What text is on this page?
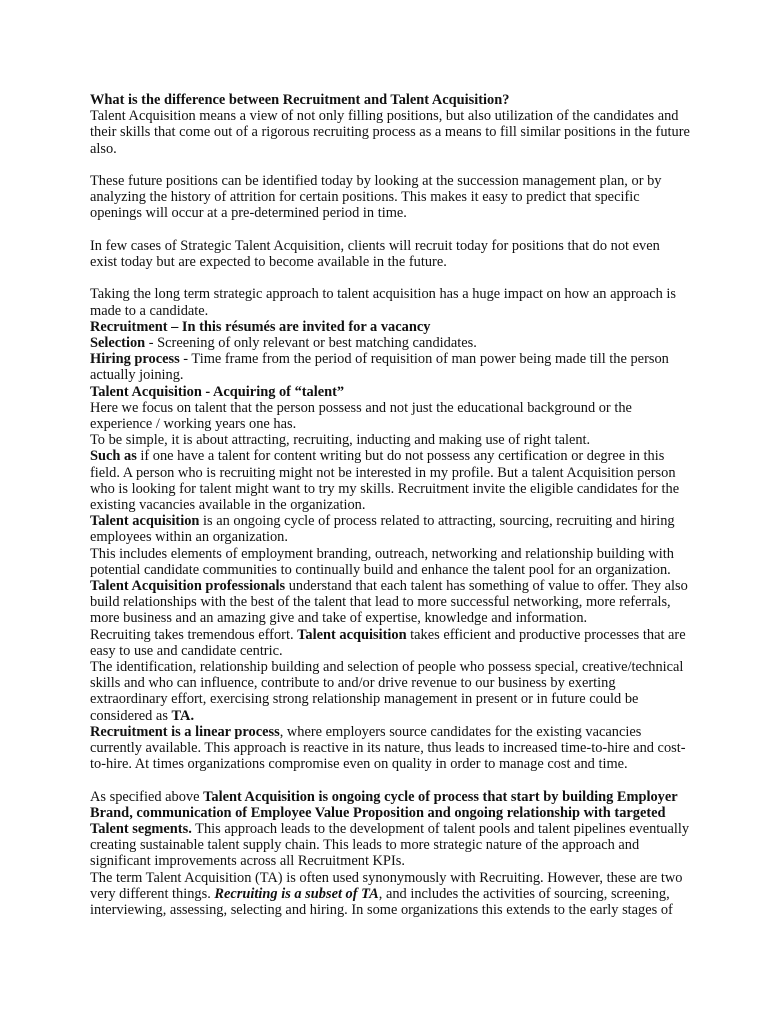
What is the difference between Recruitment and Talent Acquisition?

Talent Acquisition means a view of not only filling positions, but also utilization of the candidates and their skills that come out of a rigorous recruiting process as a means to fill similar positions in the future also.

These future positions can be identified today by looking at the succession management plan, or by analyzing the history of attrition for certain positions. This makes it easy to predict that specific openings will occur at a pre-determined period in time.

In few cases of Strategic Talent Acquisition, clients will recruit today for positions that do not even exist today but are expected to become available in the future.

Taking the long term strategic approach to talent acquisition has a huge impact on how an approach is made to a candidate.

Recruitment – In this résumés are invited for a vacancy

Selection - Screening of only relevant or best matching candidates.

Hiring process - Time frame from the period of requisition of man power being made till the person actually joining.

Talent Acquisition - Acquiring of “talent”

Here we focus on talent that the person possess and not just the educational background or the experience / working years one has.

To be simple, it is about attracting, recruiting, inducting and making use of right talent.

Such as if one have a talent for content writing but do not possess any certification or degree in this field. A person who is recruiting might not be interested in my profile. But a talent Acquisition person who is looking for talent might want to try my skills. Recruitment invite the eligible candidates for the existing vacancies available in the organization.

Talent acquisition is an ongoing cycle of process related to attracting, sourcing, recruiting and hiring employees within an organization.

This includes elements of employment branding, outreach, networking and relationship building with potential candidate communities to continually build and enhance the talent pool for an organization.

Talent Acquisition professionals understand that each talent has something of value to offer. They also build relationships with the best of the talent that lead to more successful networking, more referrals, more business and an amazing give and take of expertise, knowledge and information.

Recruiting takes tremendous effort. Talent acquisition takes efficient and productive processes that are easy to use and candidate centric.

The identification, relationship building and selection of people who possess special, creative/technical skills and who can influence, contribute to and/or drive revenue to our business by exerting extraordinary effort, exercising strong relationship management in present or in future could be considered as TA.

Recruitment is a linear process, where employers source candidates for the existing vacancies currently available. This approach is reactive in its nature, thus leads to increased time-to-hire and cost-to-hire. At times organizations compromise even on quality in order to manage cost and time.

As specified above Talent Acquisition is ongoing cycle of process that start by building Employer Brand, communication of Employee Value Proposition and ongoing relationship with targeted Talent segments. This approach leads to the development of talent pools and talent pipelines eventually creating sustainable talent supply chain. This leads to more strategic nature of the approach and significant improvements across all Recruitment KPIs.

The term Talent Acquisition (TA) is often used synonymously with Recruiting. However, these are two very different things. Recruiting is a subset of TA, and includes the activities of sourcing, screening, interviewing, assessing, selecting and hiring. In some organizations this extends to the early stages of
